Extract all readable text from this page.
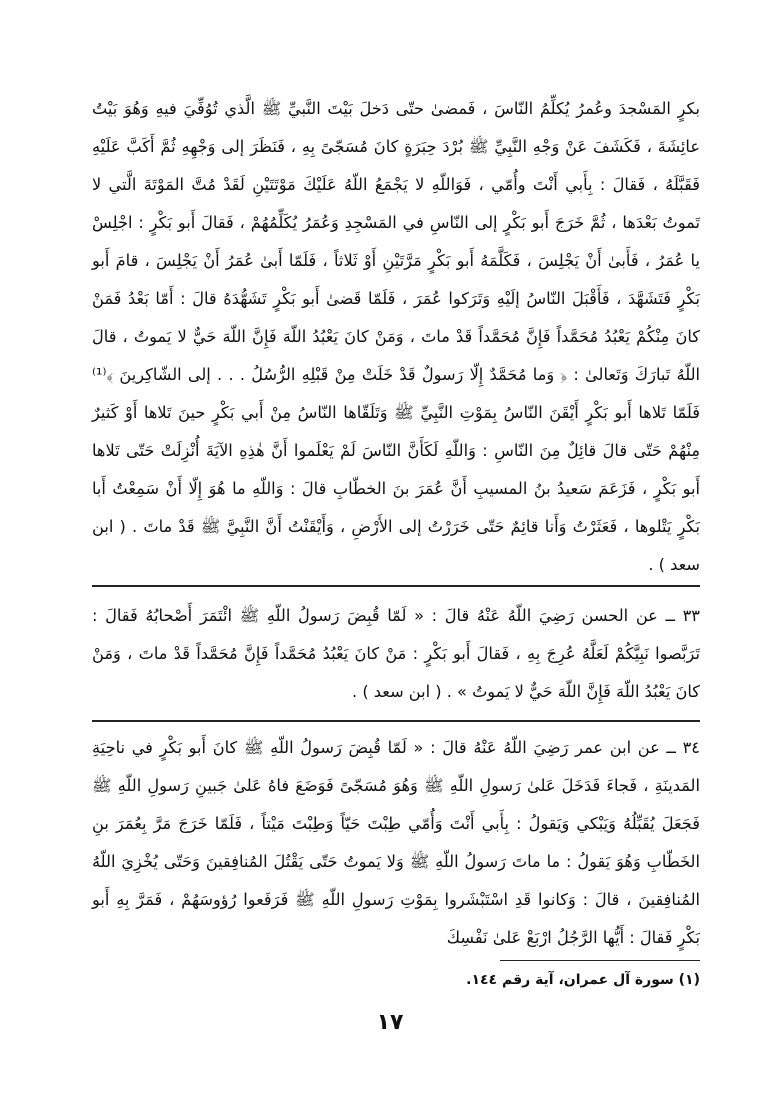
بكرٍ المَسْجدَ وعُمرُ يُكلِّمُ النّاسَ ، فَمضىٰ حتّى دَخلَ بَيْتَ النَّبيِّ ﷺ الَّذي تُوُفِّيَ فيهِ وَهُوَ بَيْتُ عائِشَةَ ، فَكَشَفَ عَنْ وَجْهِ النَّبِيِّ ﷺ بُرْدَ حِبَرَةٍ كانَ مُسَجّىً بِهِ ، فَنَظَرَ إلى وَجْهِهِ ثُمَّ أَكَبَّ عَلَيْهِ فَقَبَّلَهُ ، فَقالَ : بِأَبي أَنْتَ وأُمّي ، فَوَاللّهِ لا يَجْمَعُ اللّهُ عَلَيْكَ مَوْتَتَيْنِ لَقَدْ مُتَّ المَوْتَةَ الَّتي لا تَموتُ بَعْدَها ، ثُمَّ خَرَجَ أَبو بَكْرٍ إلى النّاسِ في المَسْجِدِ وَعُمَرُ يُكَلِّمُهُمْ ، فَقالَ أَبو بَكْرٍ : اجْلِسْ يا عُمَرُ ، فَأَبىٰ أَنْ يَجْلِسَ ، فَكَلَّمَهُ أَبو بَكْرٍ مَرَّتَيْنِ أَوْ ثَلاثاً ، فَلَمّا أَبىٰ عُمَرُ أَنْ يَجْلِسَ ، قامَ أَبو بَكْرٍ فَتَشَهَّدَ ، فَأَقْبَلَ النّاسُ إلَيْهِ وَتَرَكوا عُمَرَ ، فَلَمّا قَضىٰ أَبو بَكْرٍ تَشَهُّدَهُ قالَ : أَمّا بَعْدُ فَمَنْ كانَ مِنْكُمْ يَعْبُدُ مُحَمَّداً فَإِنَّ مُحَمَّداً قَدْ ماتَ ، وَمَنْ كانَ يَعْبُدُ اللّهَ فَإِنَّ اللّهَ حَيٌّ لا يَموتُ ، قالَ اللّهُ تَبارَكَ وَتَعالىٰ : ﴿ وَما مُحَمَّدٌ إِلّا رَسولٌ قَدْ خَلَتْ مِنْ قَبْلِهِ الرُّسُلُ . . . إلى الشّاكِرينَ ﴾⁽¹⁾ فَلَمّا تَلاها أَبو بَكْرٍ أَيْقَنَ النّاسُ بِمَوْتِ النَّبِيِّ ﷺ وَتَلَقّاها النّاسُ مِنْ أَبي بَكْرٍ حينَ تَلاها أَوْ كَثيرٌ مِنْهُمْ حَتّى قالَ قائِلٌ مِنَ النّاسِ : وَاللّهِ لَكَأَنَّ النّاسَ لَمْ يَعْلَموا أَنَّ هٰذِهِ الآيَةَ أُنْزِلَتْ حَتّى تَلاها أَبو بَكْرٍ ، فَزَعَمَ سَعيدُ بنُ المسيبِ أَنَّ عُمَرَ بنَ الخطّابِ قالَ : وَاللّهِ ما هُوَ إِلّا أَنْ سَمِعْتُ أَبا بَكْرٍ يَتْلوها ، فَعَثَرْتُ وَأَنا قائِمٌ حَتّى خَرَرْتُ إلى الأَرْضِ ، وَأَيْقَنْتُ أَنَّ النَّبِيَّ ﷺ قَدْ ماتَ . ( ابن سعد ) .

٣٣ ــ عن الحسن رَضِيَ اللّهُ عَنْهُ قالَ : « لَمّا قُبِضَ رَسولُ اللّهِ ﷺ ائْتَمَرَ أَصْحابُهُ فَقالَ : تَرَبَّصوا نَبِيَّكُمْ لَعَلَّهُ عُرِجَ بِهِ ، فَقالَ أَبو بَكْرٍ : مَنْ كانَ يَعْبُدُ مُحَمَّداً فَإِنَّ مُحَمَّداً قَدْ ماتَ ، وَمَنْ كانَ يَعْبُدُ اللّهَ فَإِنَّ اللّهَ حَيٌّ لا يَموتُ » . ( ابن سعد ) .

٣٤ ــ عن ابن عمر رَضِيَ اللّهُ عَنْهُ قالَ : « لَمّا قُبِضَ رَسولُ اللّهِ ﷺ كانَ أَبو بَكْرٍ في ناحِيَةِ المَدينَةِ ، فَجاءَ فَدَخَلَ عَلىٰ رَسولِ اللّهِ ﷺ وَهُوَ مُسَجّىً فَوَضَعَ فاهُ عَلىٰ جَبينِ رَسولِ اللّهِ ﷺ فَجَعَلَ يُقَبِّلُهُ وَيَبْكي وَيَقولُ : بِأَبي أَنْتَ وَأُمّي طِبْتَ حَيّاً وَطِبْتَ مَيْتاً ، فَلَمّا خَرَجَ مَرَّ بِعُمَرَ بنِ الخَطّابِ وَهُوَ يَقولُ : ما ماتَ رَسولُ اللّهِ ﷺ وَلا يَموتُ حَتّى يَقْتُلَ المُنافِقينَ وَحَتّى يُخْزِيَ اللّهُ المُنافِقينَ ، قالَ : وَكانوا قَدِ اسْتَبْشَروا بِمَوْتِ رَسولِ اللّهِ ﷺ فَرَفَعوا رُؤوسَهُمْ ، فَمَرَّ بِهِ أَبو بَكْرٍ فَقالَ : أَيُّها الرَّجُلُ ارْبَعْ عَلىٰ نَفْسِكَ

(١) سورة آل عمران، آية رقم ١٤٤.

١٧
